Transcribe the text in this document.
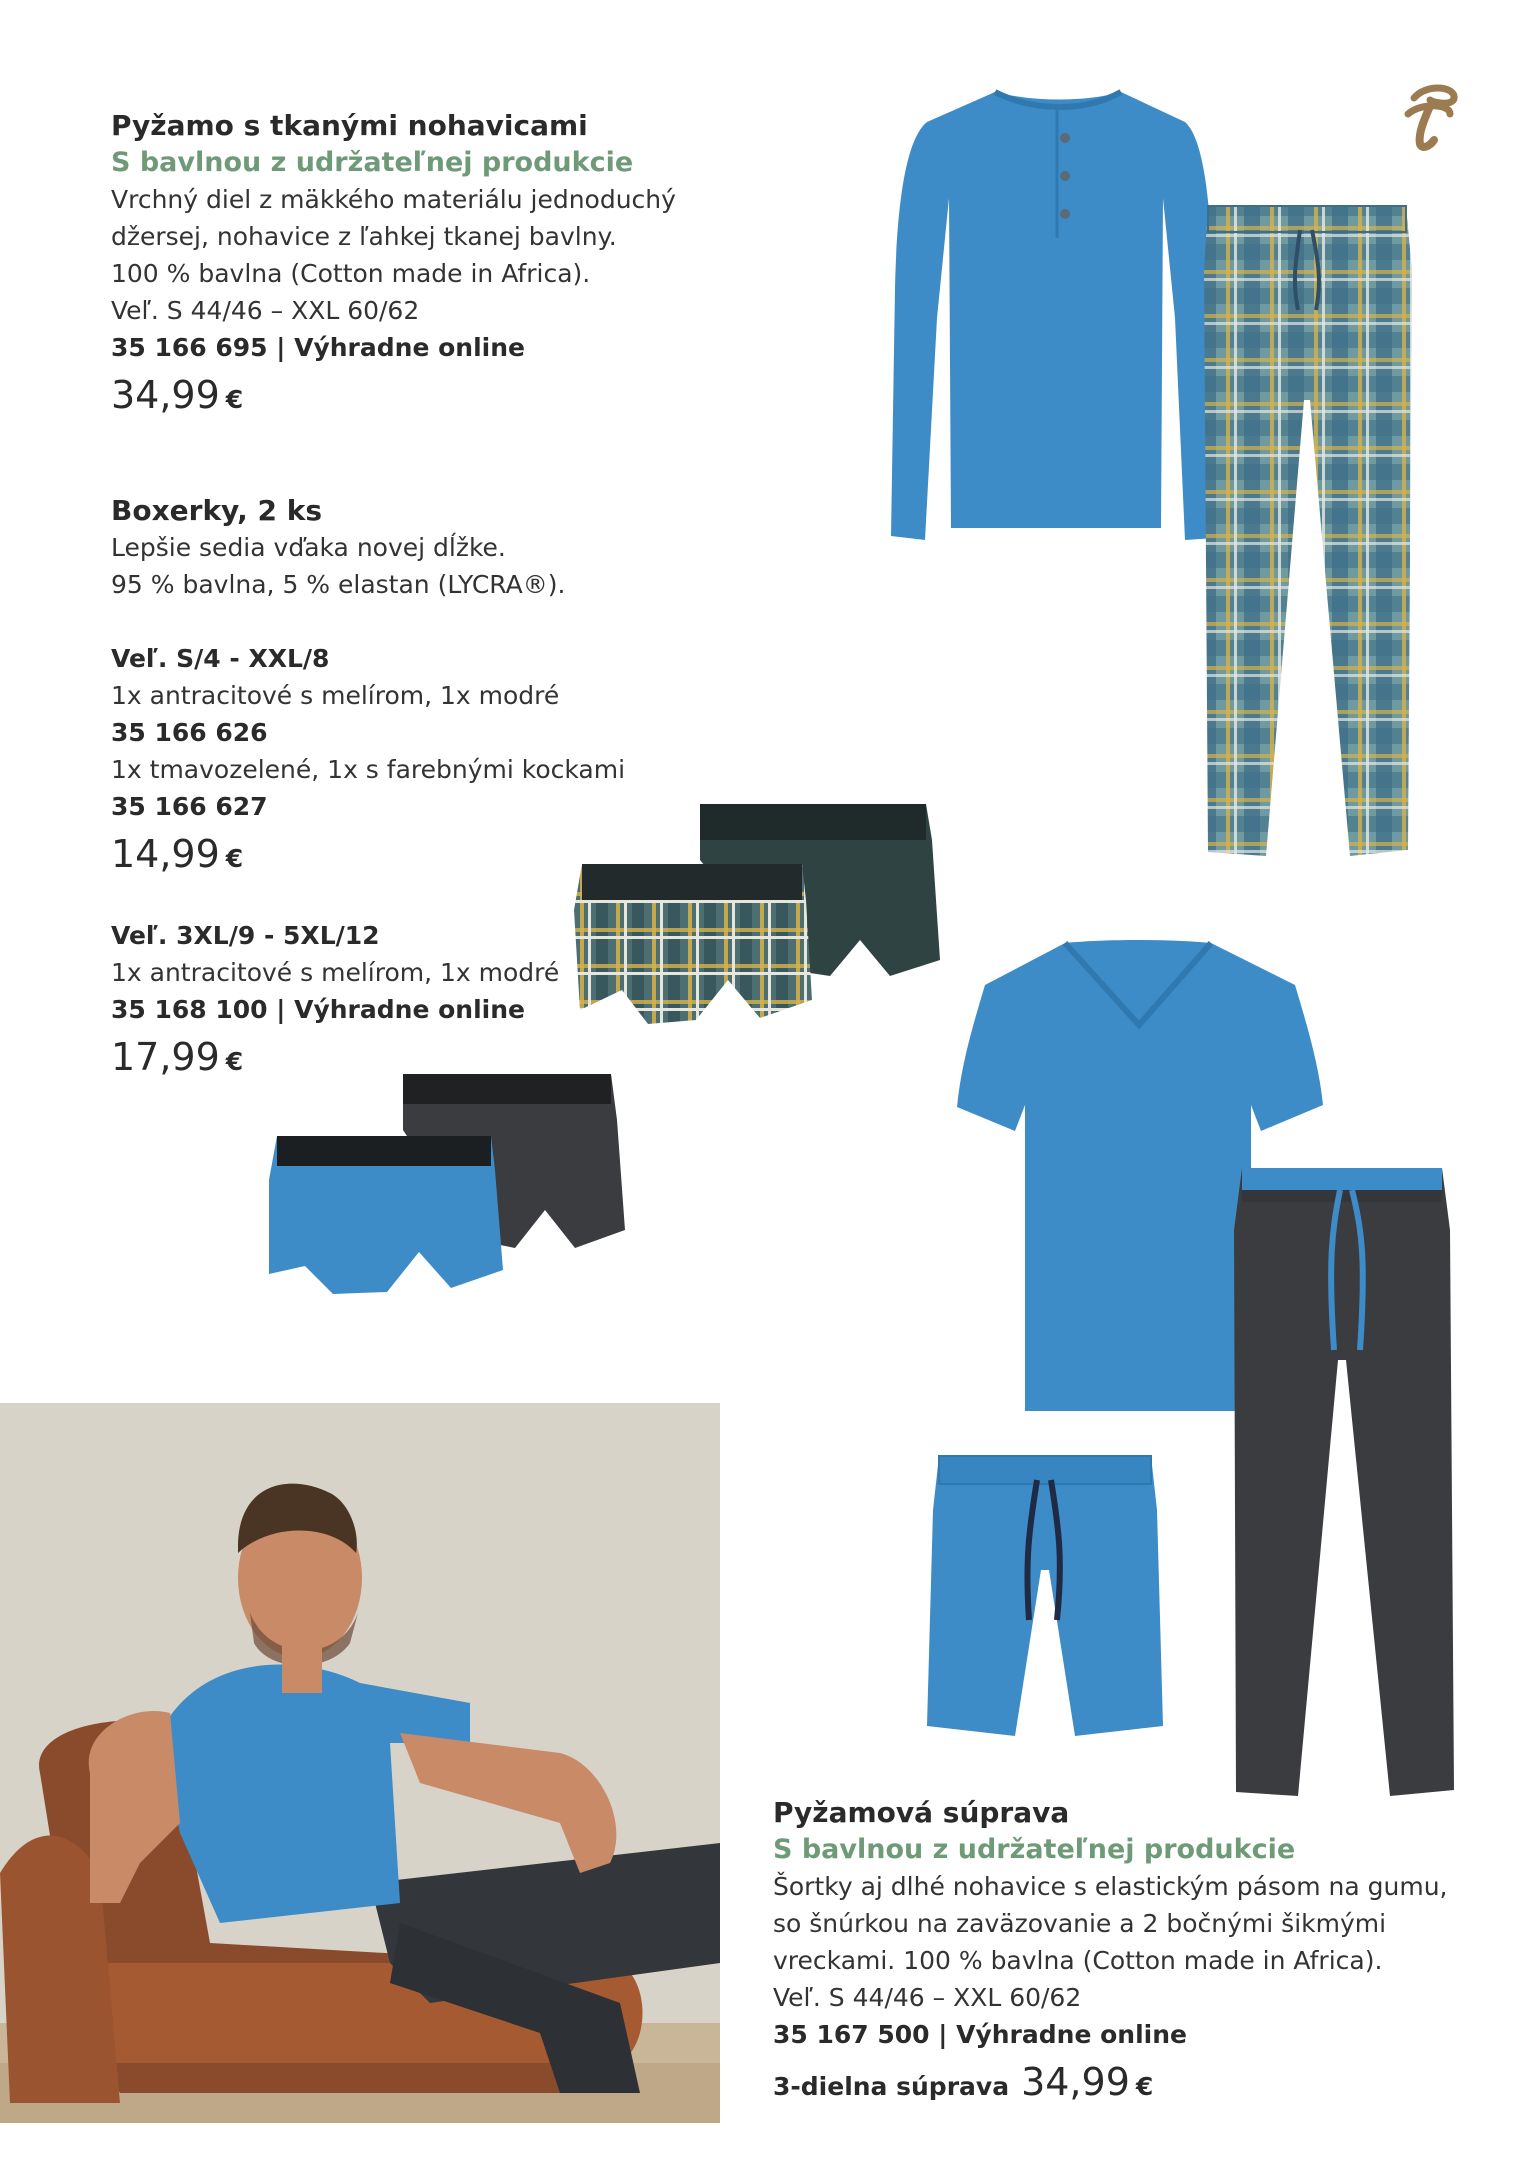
Pyžamo s tkanými nohavicami
S bavlnou z udržateľnej produkcie
Vrchný diel z mäkkého materiálu jednoduchý
džersej, nohavice z ľahkej tkanej bavlny.
100 % bavlna (Cotton made in Africa).
Veľ. S 44/46 – XXL 60/62
35 166 695 | Výhradne online
34,99 €
Boxerky, 2 ks
Lepšie sedia vďaka novej dĺžke.
95 % bavlna, 5 % elastan (LYCRA®).
Veľ. S/4 - XXL/8
1x antracitové s melírom, 1x modré
35 166 626
1x tmavozelené, 1x s farebnými kockami
35 166 627
14,99 €
Veľ. 3XL/9 - 5XL/12
1x antracitové s melírom, 1x modré
35 168 100 | Výhradne online
17,99 €
Pyžamová súprava
S bavlnou z udržateľnej produkcie
Šortky aj dlhé nohavice s elastickým pásom na gumu,
so šnúrkou na zaväzovanie a 2 bočnými šikmými
vreckami. 100 % bavlna (Cotton made in Africa).
Veľ. S 44/46 – XXL 60/62
35 167 500 | Výhradne online
3-dielna súprava 34,99 €
